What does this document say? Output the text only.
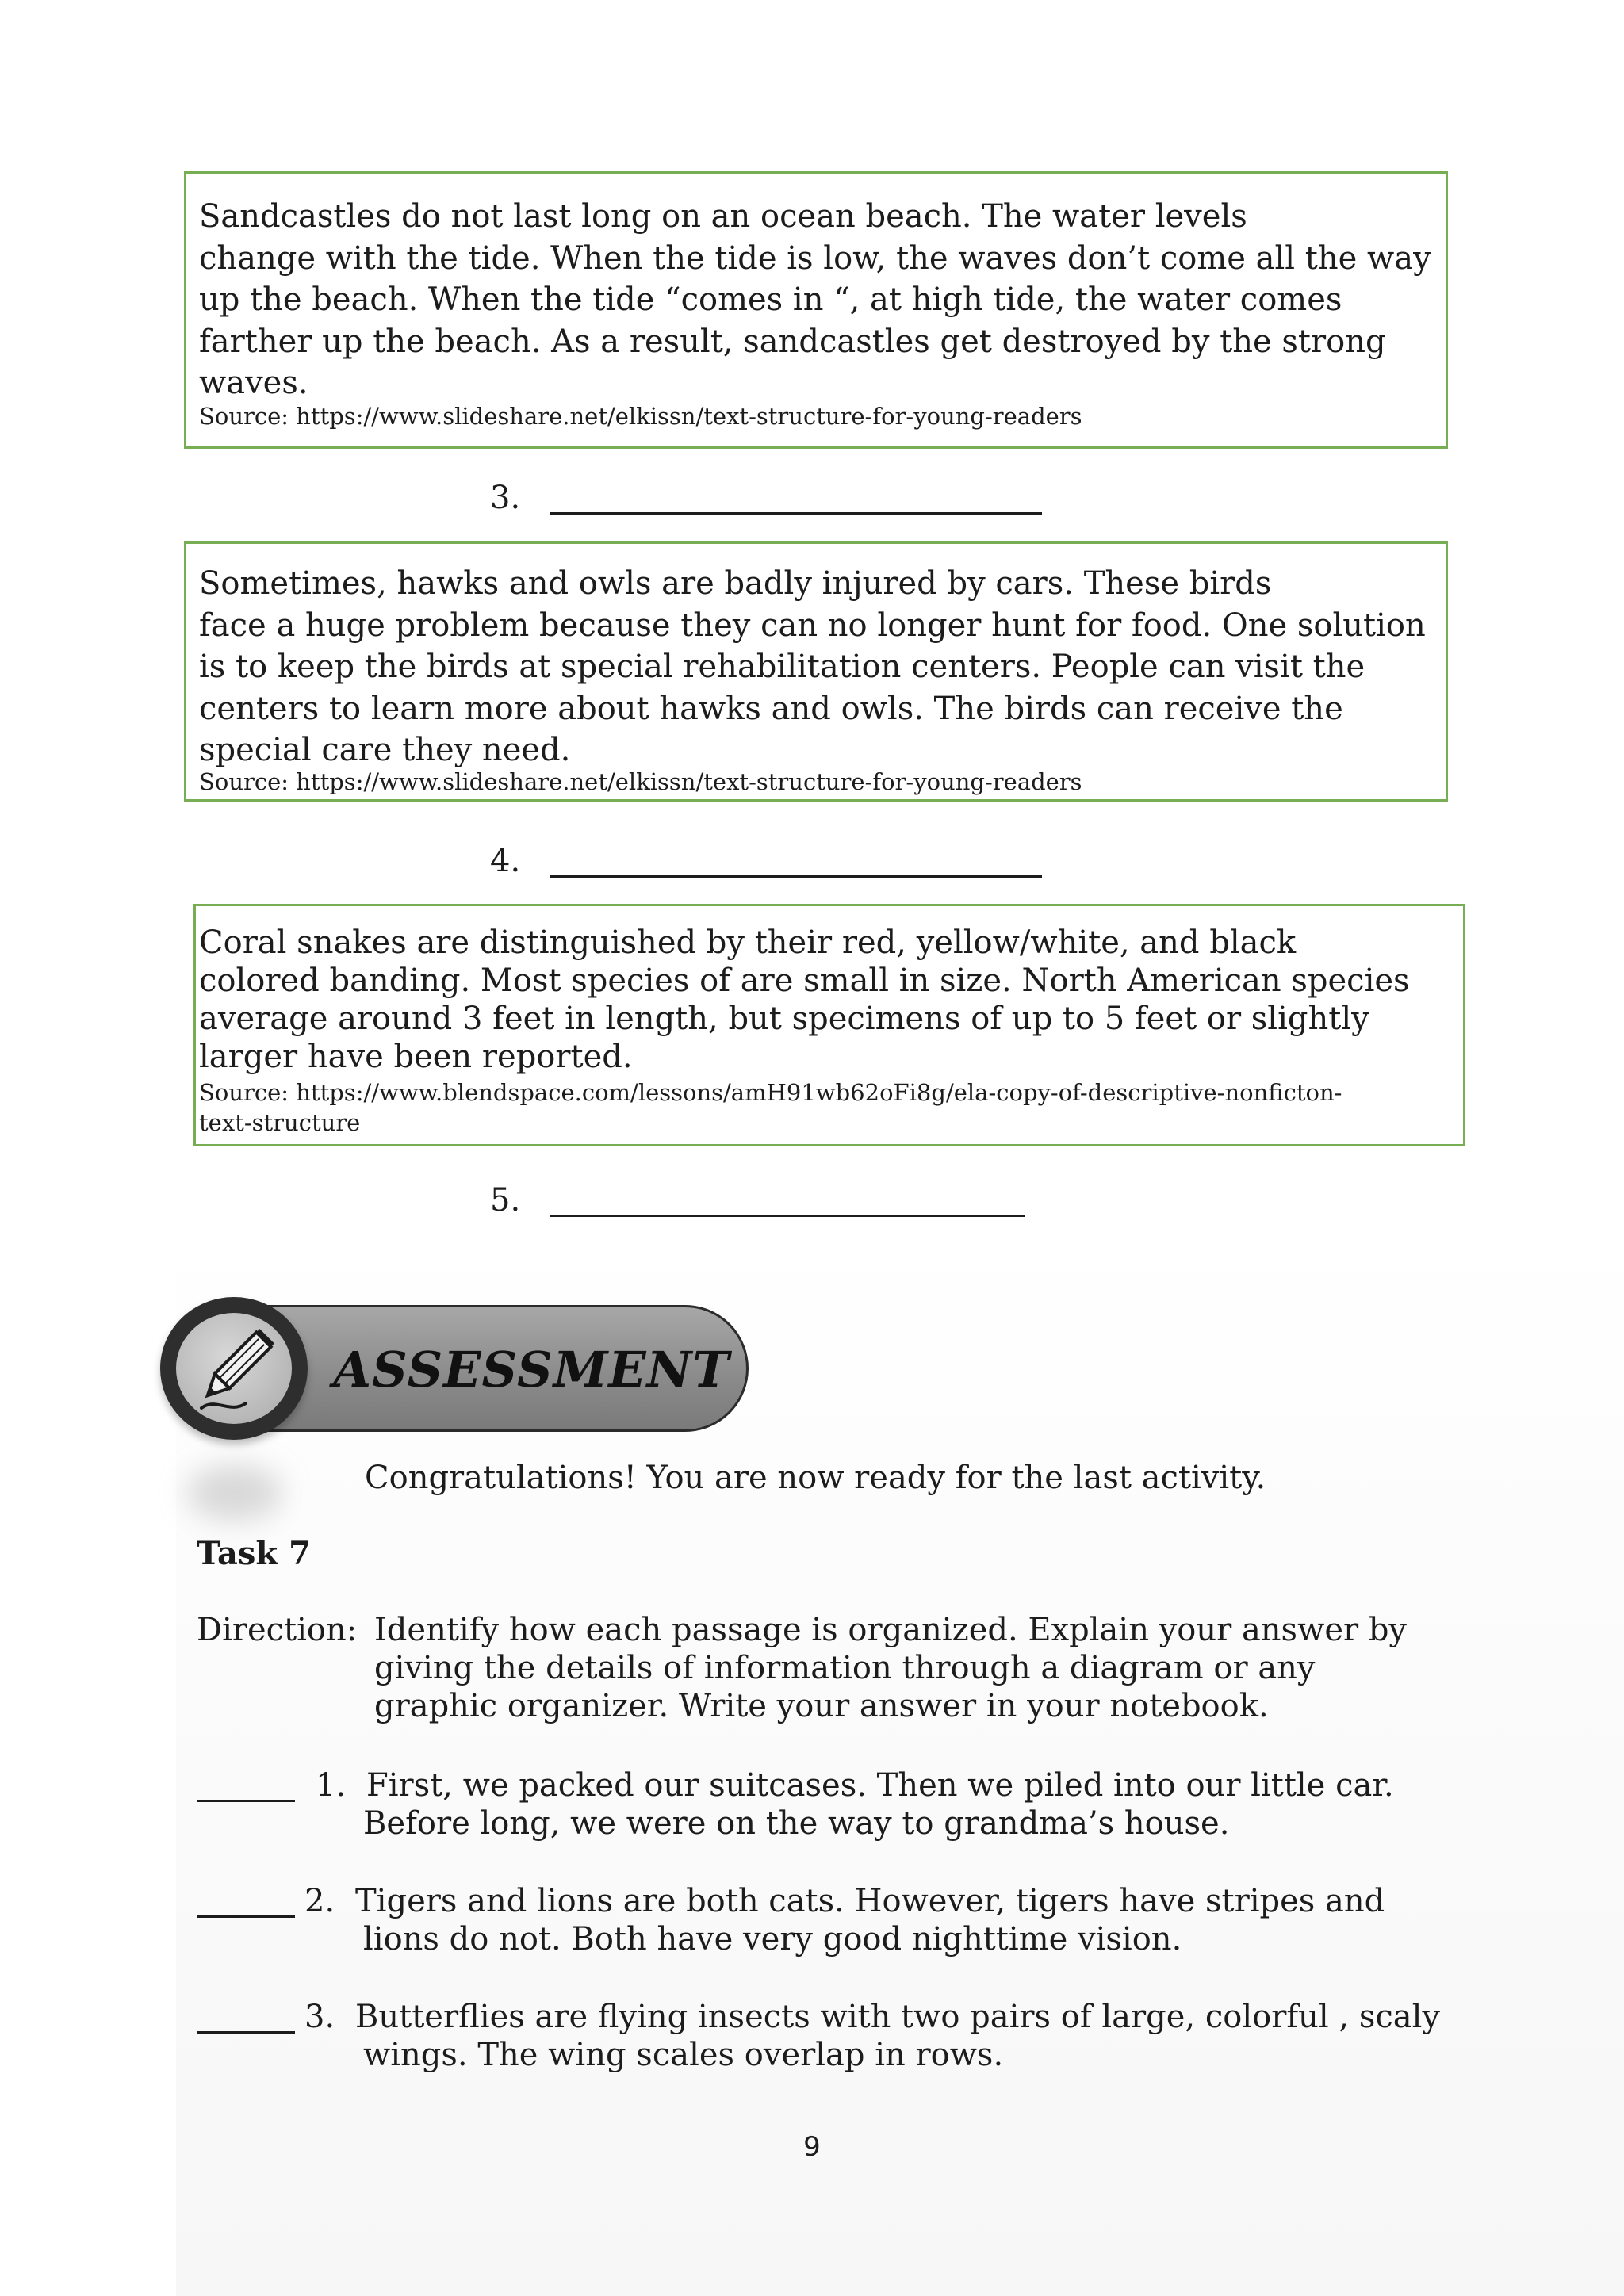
Sandcastles do not last long on an ocean beach. The water levels
change with the tide. When the tide is low, the waves don’t come all the way
up the beach. When the tide “comes in “, at high tide, the water comes
farther up the beach. As a result, sandcastles get destroyed by the strong
waves.

Source: https://www.slideshare.net/elkissn/text-structure-for-young-readers

3.

Sometimes, hawks and owls are badly injured by cars. These birds
face a huge problem because they can no longer hunt for food. One solution
is to keep the birds at special rehabilitation centers. People can visit the
centers to learn more about hawks and owls. The birds can receive the
special care they need.

Source: https://www.slideshare.net/elkissn/text-structure-for-young-readers

4.

Coral snakes are distinguished by their red, yellow/white, and black
colored banding. Most species of are small in size. North American species
average around 3 feet in length, but specimens of up to 5 feet or slightly
larger have been reported.

Source: https://www.blendspace.com/lessons/amH91wb62oFi8g/ela-copy-of-descriptive-nonficton-
text-structure

5.
ASSESSMENT

Congratulations! You are now ready for the last activity.

Task 7

Direction: Identify how each passage is organized. Explain your answer by
giving the details of information through a diagram or any
graphic organizer. Write your answer in your notebook.

1. First, we packed our suitcases. Then we piled into our little car.
Before long, we were on the way to grandma’s house.
2. Tigers and lions are both cats. However, tigers have stripes and
lions do not. Both have very good nighttime vision.
3. Butterflies are flying insects with two pairs of large, colorful , scaly
wings. The wing scales overlap in rows.
9
